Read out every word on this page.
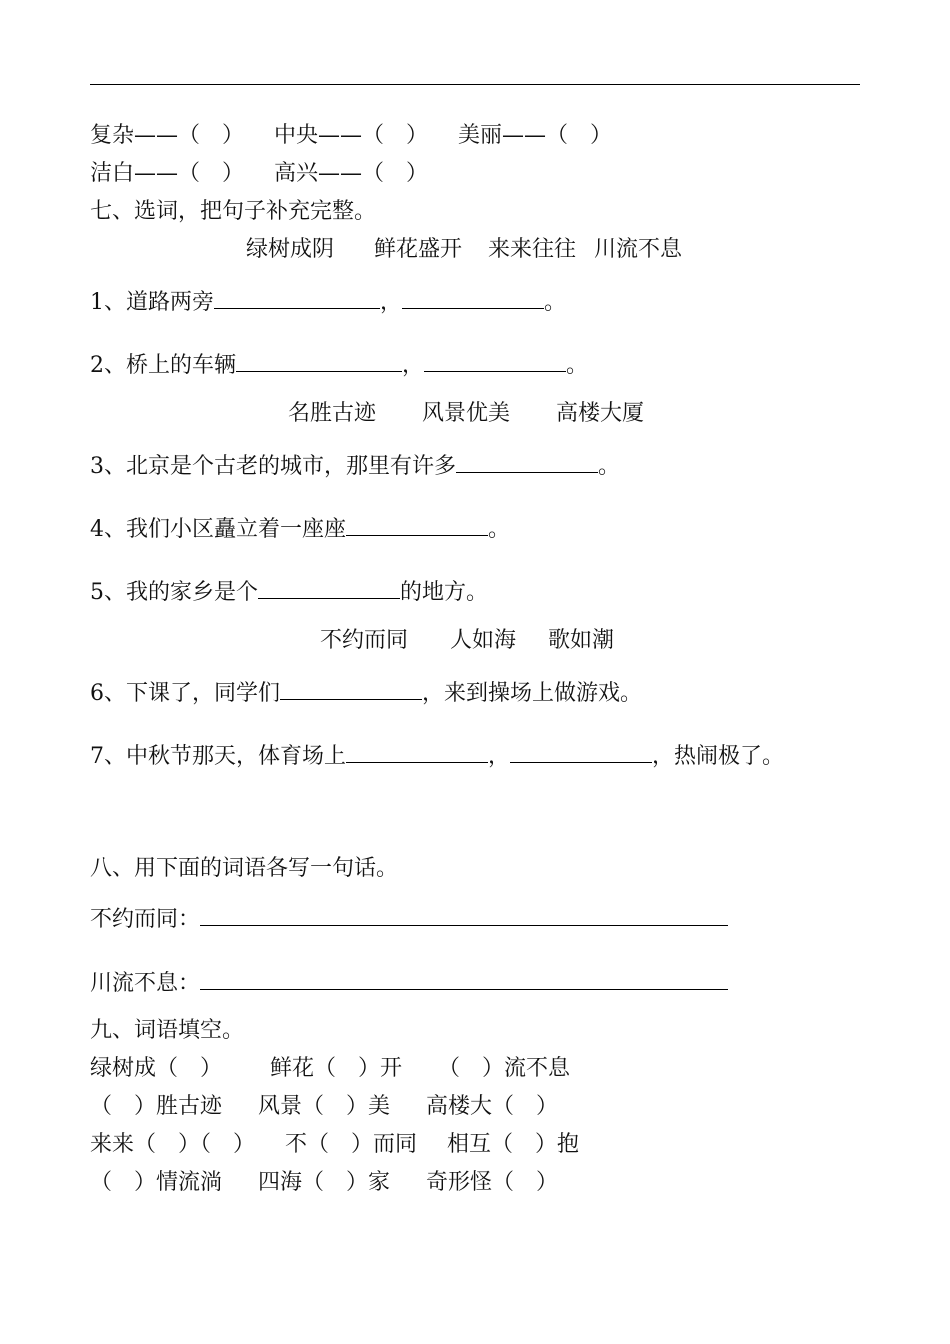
复杂——（　） 中央——（　） 美丽——（　）
洁白——（　） 高兴——（　）
七、选词，把句子补充完整。
绿树成阴 鲜花盛开 来来往往 川流不息
1、道路两旁	，	。
2、桥上的车辆	，	。
名胜古迹 风景优美 高楼大厦
3、北京是个古老的城市，那里有许多	。
4、我们小区矗立着一座座	。
5、我的家乡是个	的地方。
不约而同 人如海 歌如潮
6、下课了，同学们	，来到操场上做游戏。
7、中秋节那天，体育场上	，	，热闹极了。
八、用下面的词语各写一句话。
不约而同：
川流不息：
九、词语填空。
绿树成（　） 鲜花（　）开 （　）流不息
（　）胜古迹 风景（　）美 高楼大（　）
来来（　）（　） 不（　）而同 相互（　）抱
（　）情流淌 四海（　）家 奇形怪（　）
